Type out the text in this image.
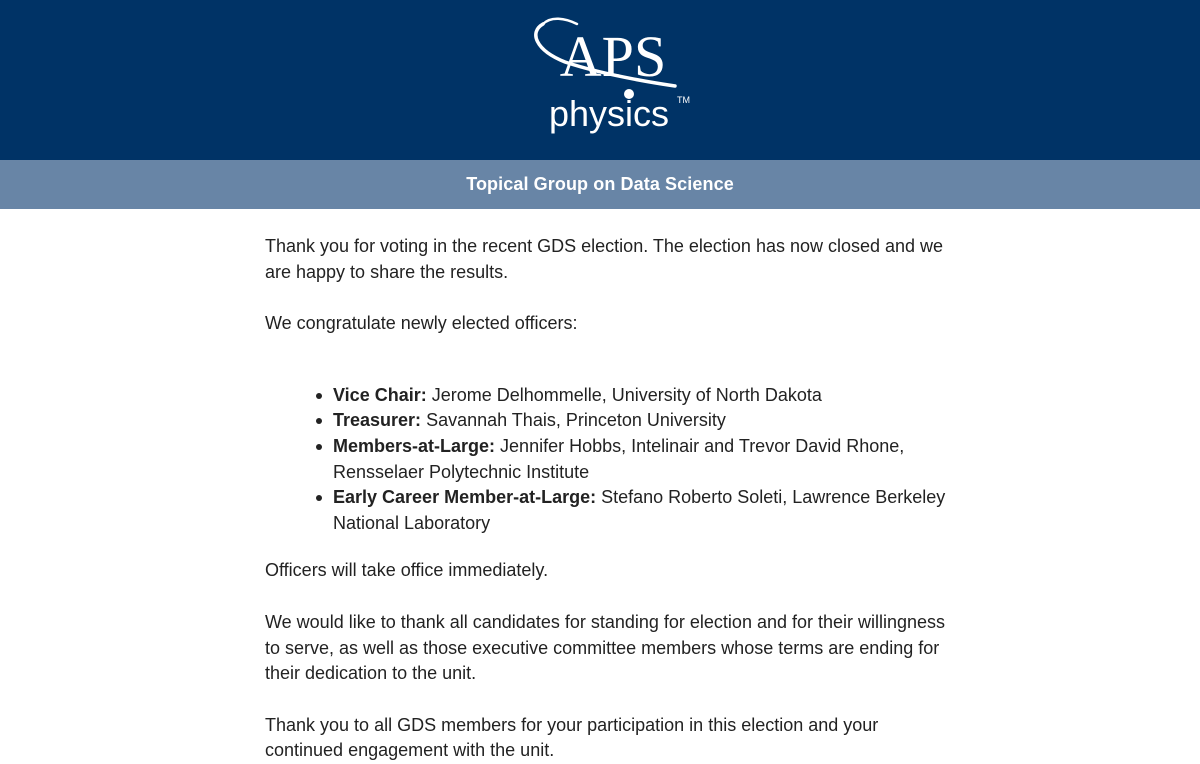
APS
physics TM
Topical Group on Data Science

Thank you for voting in the recent GDS election. The election has now closed and we are happy to share the results.

We congratulate newly elected officers:

Vice Chair: Jerome Delhommelle, University of North Dakota
Treasurer: Savannah Thais, Princeton University
Members-at-Large: Jennifer Hobbs, Intelinair and Trevor David Rhone, Rensselaer Polytechnic Institute
Early Career Member-at-Large: Stefano Roberto Soleti, Lawrence Berkeley National Laboratory

Officers will take office immediately.

We would like to thank all candidates for standing for election and for their willingness to serve, as well as those executive committee members whose terms are ending for their dedication to the unit.

Thank you to all GDS members for your participation in this election and your continued engagement with the unit.
